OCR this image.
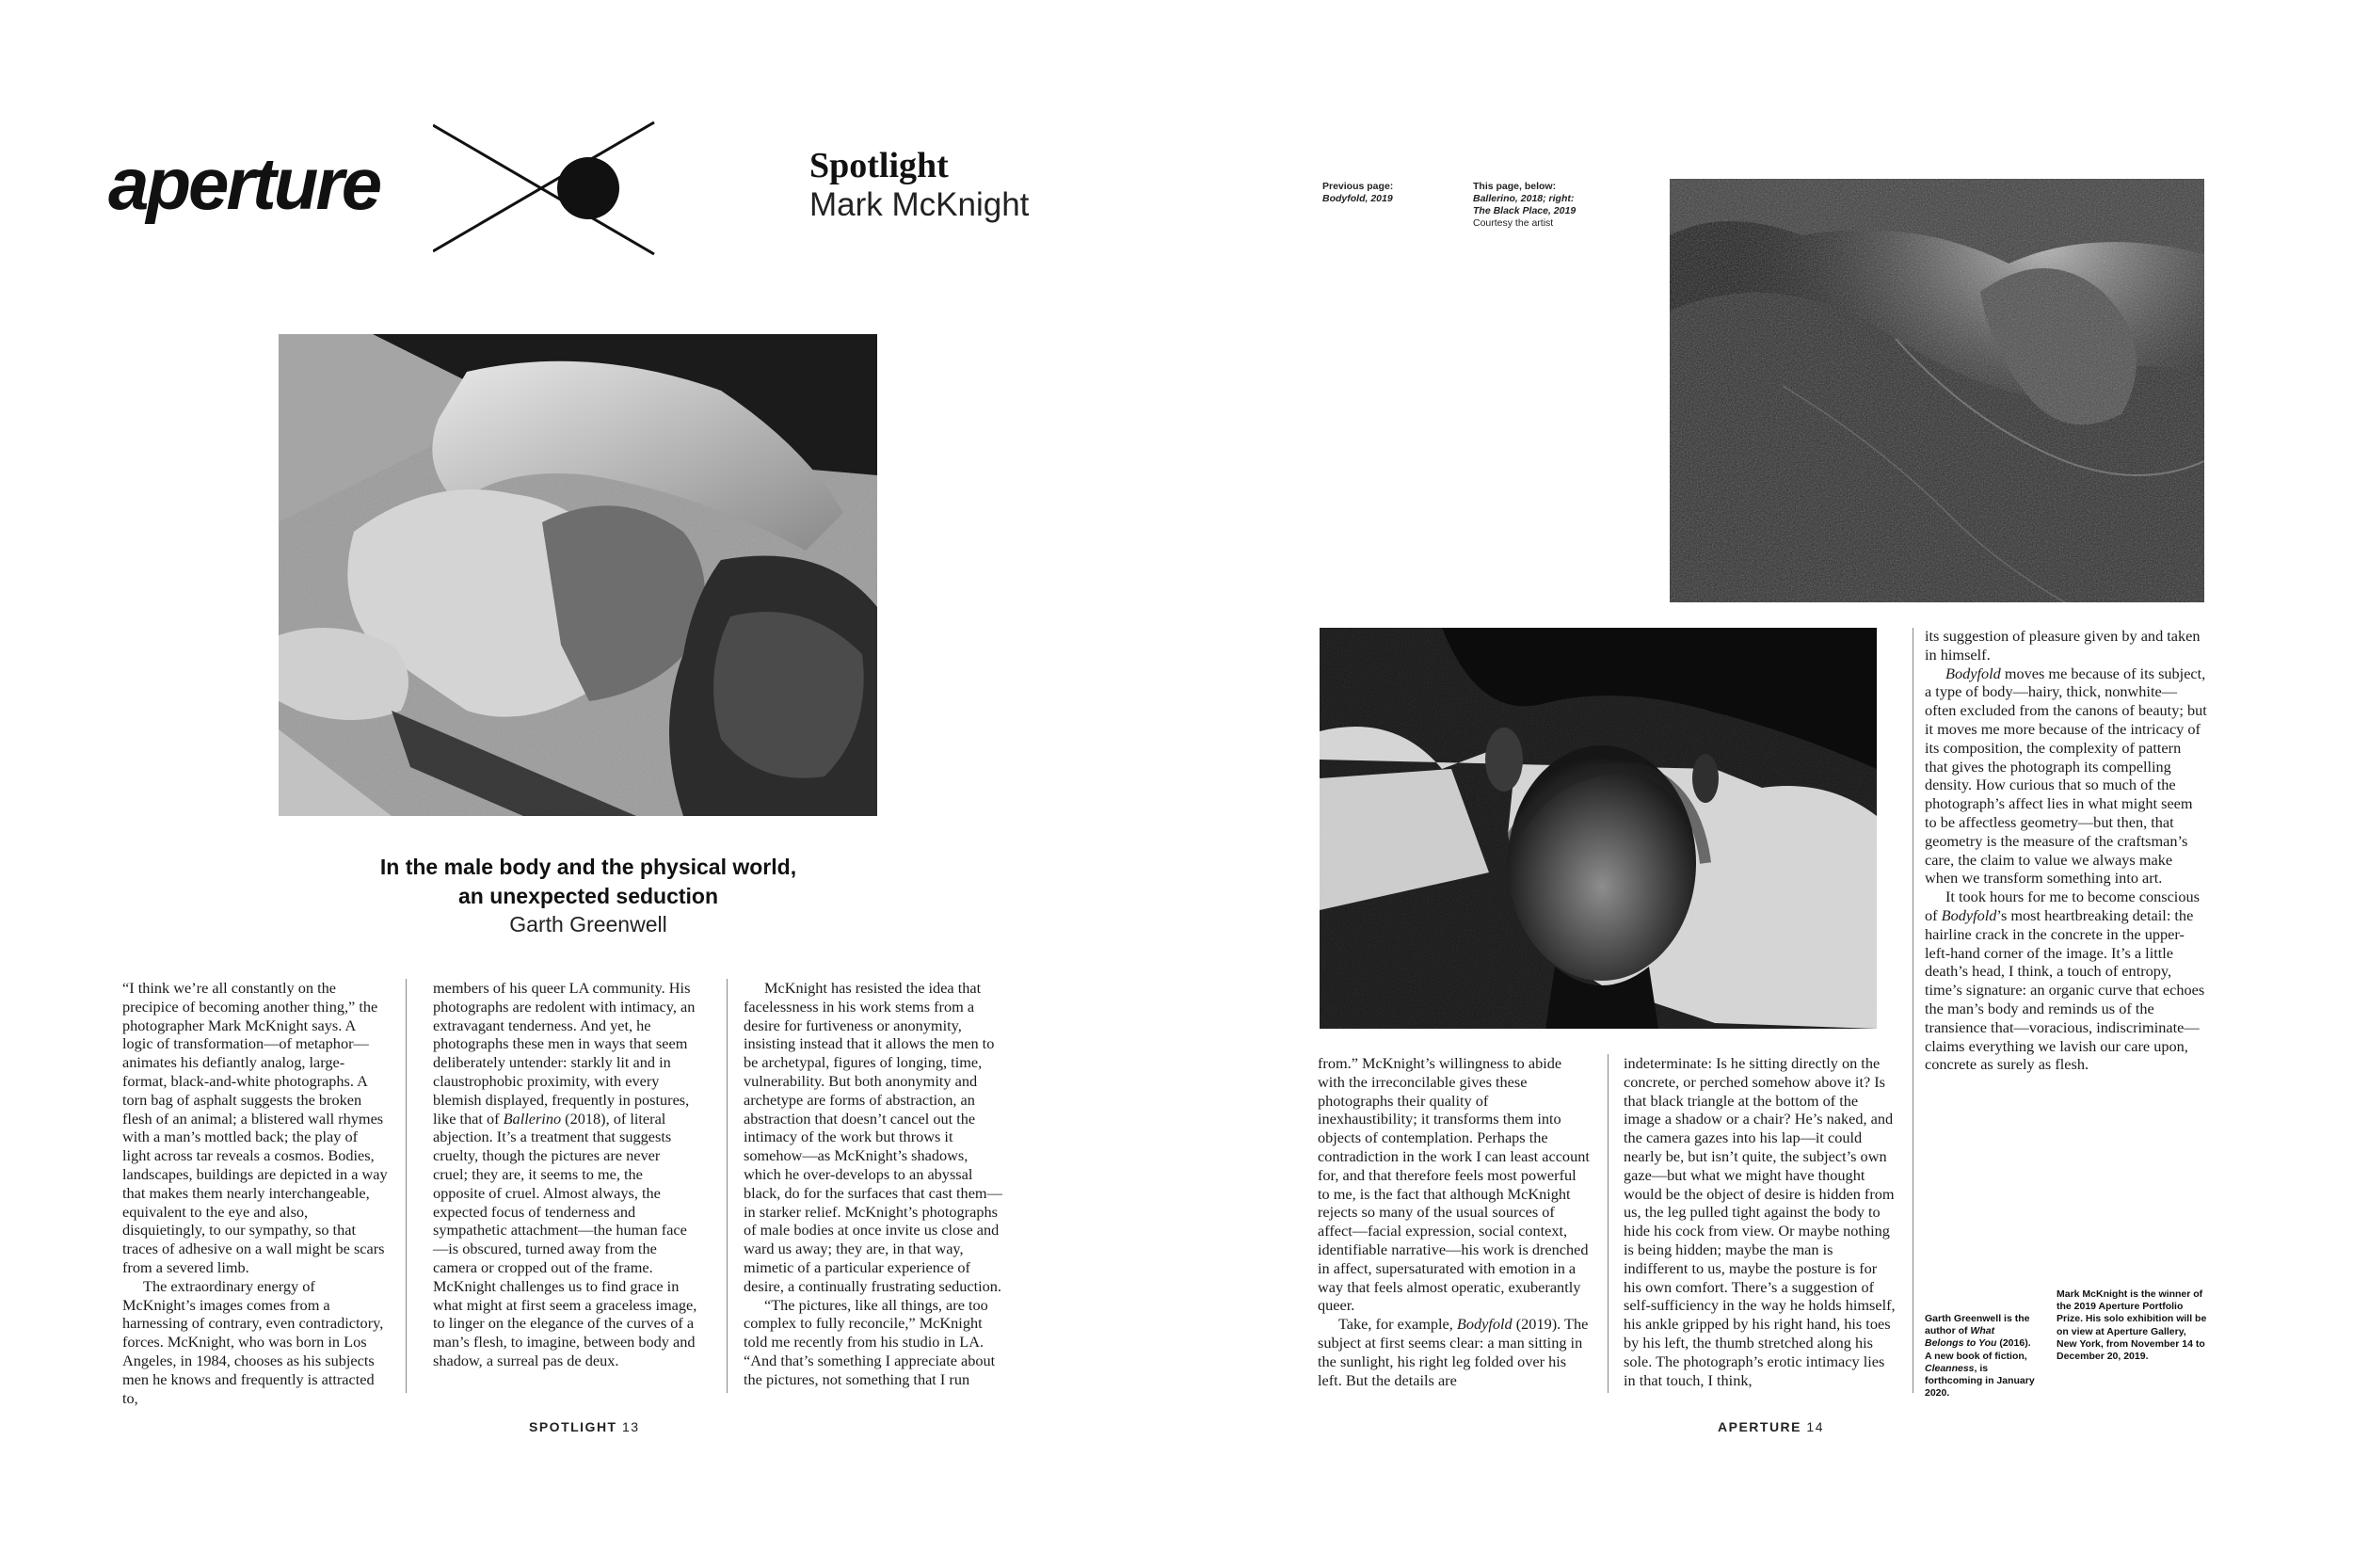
aperture	Spotlight
Mark McKnight
In the male body and the physical world,
an unexpected seduction
Garth Greenwell

“I think we’re all constantly on the precipice of becoming another thing,” the photographer Mark McKnight says. A logic of transformation—of metaphor—animates his defiantly analog, large-format, black-and-white photographs. A torn bag of asphalt suggests the broken flesh of an animal; a blistered wall rhymes with a man’s mottled back; the play of light across tar reveals a cosmos. Bodies, landscapes, buildings are depicted in a way that makes them nearly interchangeable, equivalent to the eye and also, disquietingly, to our sympathy, so that traces of adhesive on a wall might be scars from a severed limb.

The extraordinary energy of McKnight’s images comes from a harnessing of contrary, even contradictory, forces. McKnight, who was born in Los Angeles, in 1984, chooses as his subjects men he knows and frequently is attracted to,

members of his queer LA community. His photographs are redolent with intimacy, an extravagant tenderness. And yet, he photographs these men in ways that seem deliberately untender: starkly lit and in claustrophobic proximity, with every blemish displayed, frequently in postures, like that of Ballerino (2018), of literal abjection. It’s a treatment that suggests cruelty, though the pictures are never cruel; they are, it seems to me, the opposite of cruel. Almost always, the expected focus of tenderness and sympathetic attachment—the human face—is obscured, turned away from the camera or cropped out of the frame. McKnight challenges us to find grace in what might at first seem a graceless image, to linger on the elegance of the curves of a man’s flesh, to imagine, between body and shadow, a surreal pas de deux.

McKnight has resisted the idea that facelessness in his work stems from a desire for furtiveness or anonymity, insisting instead that it allows the men to be archetypal, figures of longing, time, vulnerability. But both anonymity and archetype are forms of abstraction, an abstraction that doesn’t cancel out the intimacy of the work but throws it somehow—as McKnight’s shadows, which he over-develops to an abyssal black, do for the surfaces that cast them—in starker relief. McKnight’s photographs of male bodies at once invite us close and ward us away; they are, in that way, mimetic of a particular experience of desire, a continually frustrating seduction.

“The pictures, like all things, are too complex to fully reconcile,” McKnight told me recently from his studio in LA. “And that’s something I appreciate about the pictures, not something that I run

SPOTLIGHT 13
Previous page:
Bodyfold, 2019
This page, below:
Ballerino, 2018; right:
The Black Place, 2019
Courtesy the artist

from.” McKnight’s willingness to abide with the irreconcilable gives these photographs their quality of inexhaustibility; it transforms them into objects of contemplation. Perhaps the contradiction in the work I can least account for, and that therefore feels most powerful to me, is the fact that although McKnight rejects so many of the usual sources of affect—facial expression, social context, identifiable narrative—his work is drenched in affect, supersaturated with emotion in a way that feels almost operatic, exuberantly queer.

Take, for example, Bodyfold (2019). The subject at first seems clear: a man sitting in the sunlight, his right leg folded over his left. But the details are

indeterminate: Is he sitting directly on the concrete, or perched somehow above it? Is that black triangle at the bottom of the image a shadow or a chair? He’s naked, and the camera gazes into his lap—it could nearly be, but isn’t quite, the subject’s own gaze—but what we might have thought would be the object of desire is hidden from us, the leg pulled tight against the body to hide his cock from view. Or maybe nothing is being hidden; maybe the man is indifferent to us, maybe the posture is for his own comfort. There’s a suggestion of self-sufficiency in the way he holds himself, his ankle gripped by his right hand, his toes by his left, the thumb stretched along his sole. The photograph’s erotic intimacy lies in that touch, I think,

its suggestion of pleasure given by and taken in himself.

Bodyfold moves me because of its subject, a type of body—hairy, thick, nonwhite—often excluded from the canons of beauty; but it moves me more because of the intricacy of its composition, the complexity of pattern that gives the photograph its compelling density. How curious that so much of the photograph’s affect lies in what might seem to be affectless geometry—but then, that geometry is the measure of the craftsman’s care, the claim to value we always make when we transform something into art.

It took hours for me to become conscious of Bodyfold’s most heartbreaking detail: the hairline crack in the concrete in the upper-left-hand corner of the image. It’s a little death’s head, I think, a touch of entropy, time’s signature: an organic curve that echoes the man’s body and reminds us of the transience that—voracious, indiscriminate—claims everything we lavish our care upon, concrete as surely as flesh.

Garth Greenwell is the author of What Belongs to You (2016). A new book of fiction, Cleanness, is forthcoming in January 2020.
Mark McKnight is the winner of the 2019 Aperture Portfolio Prize. His solo exhibition will be on view at Aperture Gallery, New York, from November 14 to December 20, 2019.
APERTURE 14
